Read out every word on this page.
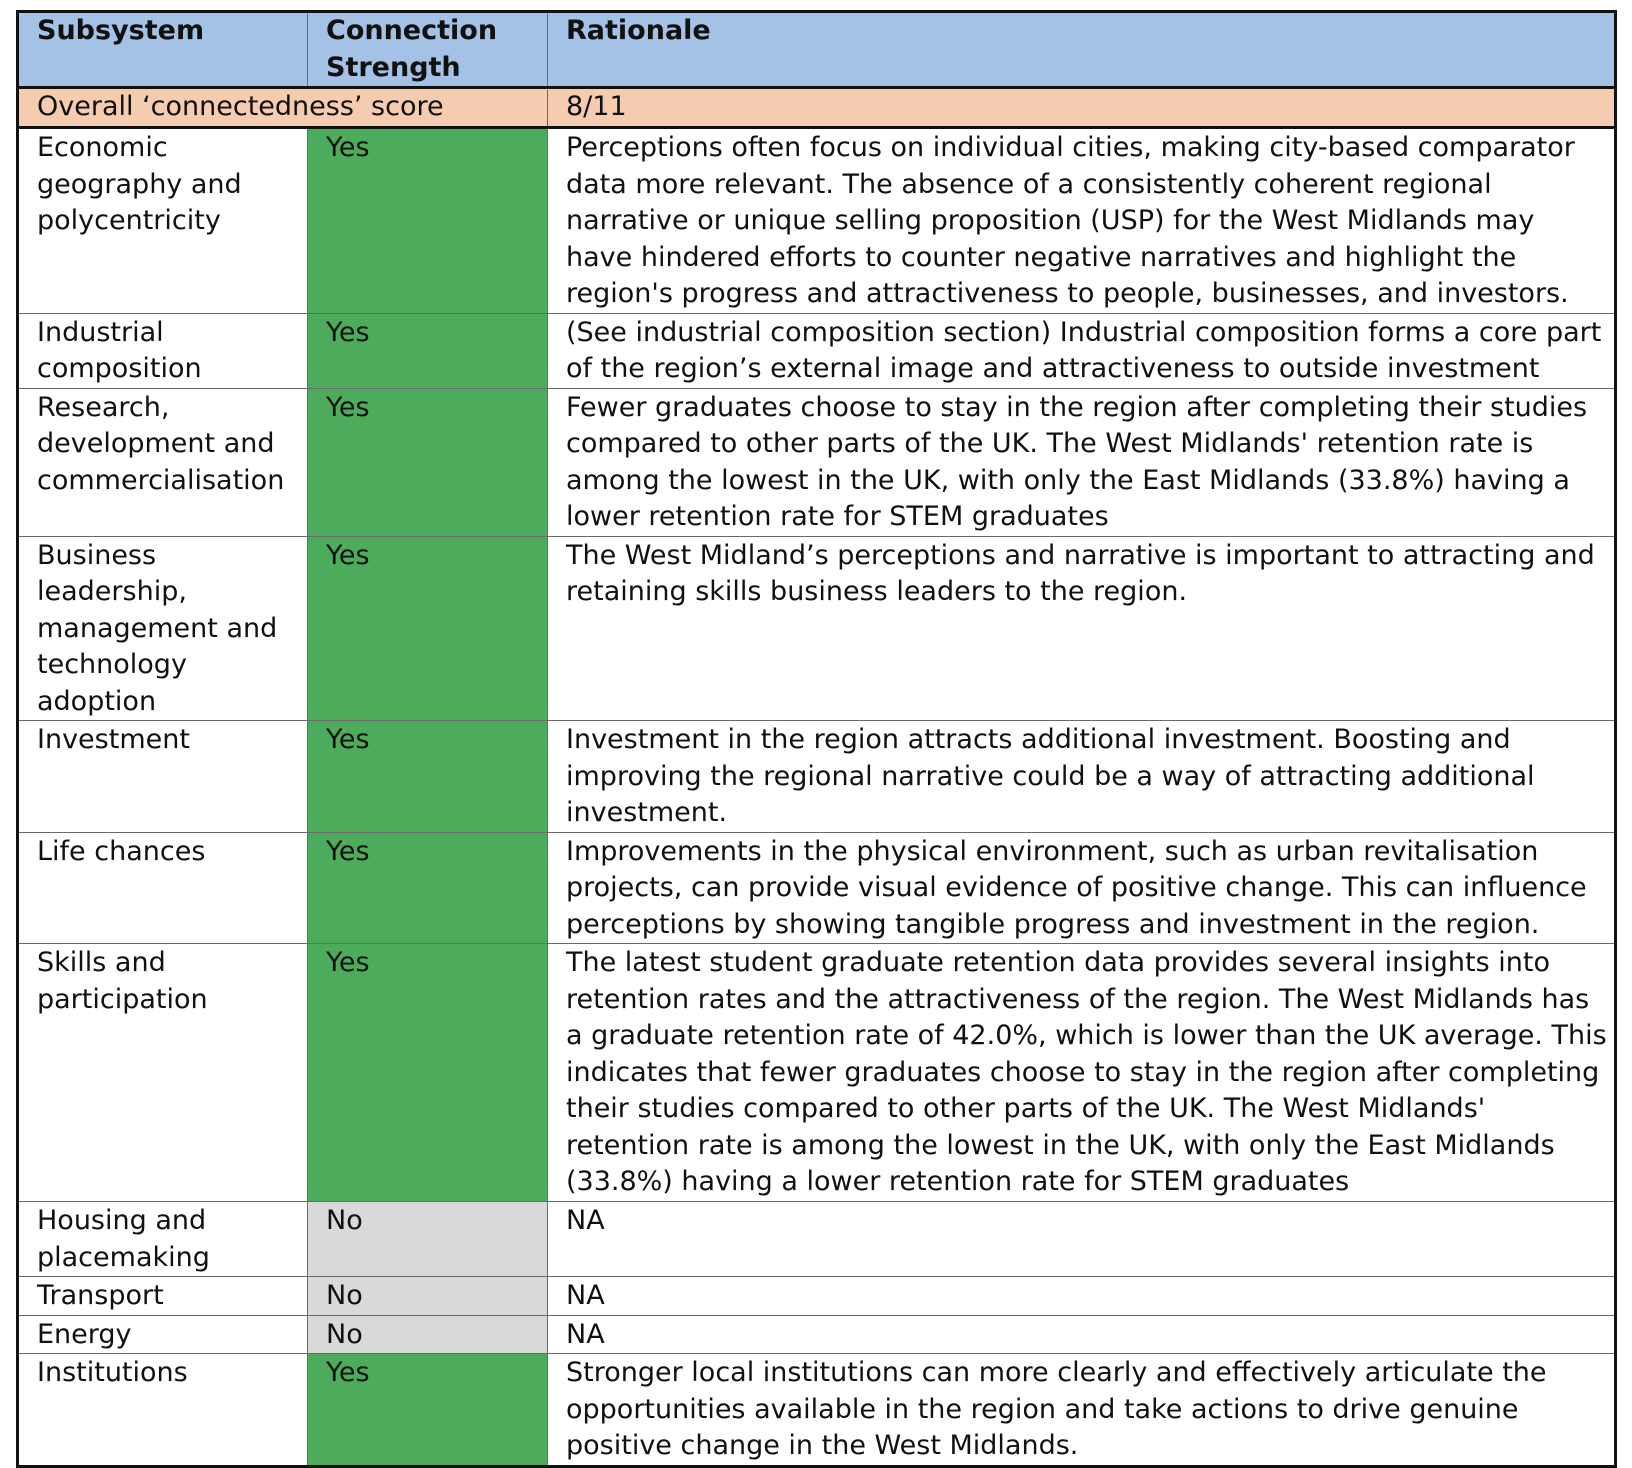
Subsystem	Connection Strength	Rationale
Overall ‘connectedness’ score		8/11
Economic geography and polycentricity	Yes	Perceptions often focus on individual cities, making city-based comparator data more relevant. The absence of a consistently coherent regional narrative or unique selling proposition (USP) for the West Midlands may have hindered efforts to counter negative narratives and highlight the region's progress and attractiveness to people, businesses, and investors.
Industrial composition	Yes	(See industrial composition section) Industrial composition forms a core part of the region’s external image and attractiveness to outside investment
Research, development and commercialisation	Yes	Fewer graduates choose to stay in the region after completing their studies compared to other parts of the UK. The West Midlands' retention rate is among the lowest in the UK, with only the East Midlands (33.8%) having a lower retention rate for STEM graduates
Business leadership, management and technology adoption	Yes	The West Midland’s perceptions and narrative is important to attracting and retaining skills business leaders to the region.
Investment	Yes	Investment in the region attracts additional investment. Boosting and improving the regional narrative could be a way of attracting additional investment.
Life chances	Yes	Improvements in the physical environment, such as urban revitalisation projects, can provide visual evidence of positive change. This can influence perceptions by showing tangible progress and investment in the region.
Skills and participation	Yes	The latest student graduate retention data provides several insights into retention rates and the attractiveness of the region. The West Midlands has a graduate retention rate of 42.0%, which is lower than the UK average. This indicates that fewer graduates choose to stay in the region after completing their studies compared to other parts of the UK. The West Midlands' retention rate is among the lowest in the UK, with only the East Midlands (33.8%) having a lower retention rate for STEM graduates
Housing and placemaking	No	NA
Transport	No	NA
Energy	No	NA
Institutions	Yes	Stronger local institutions can more clearly and effectively articulate the opportunities available in the region and take actions to drive genuine positive change in the West Midlands.
